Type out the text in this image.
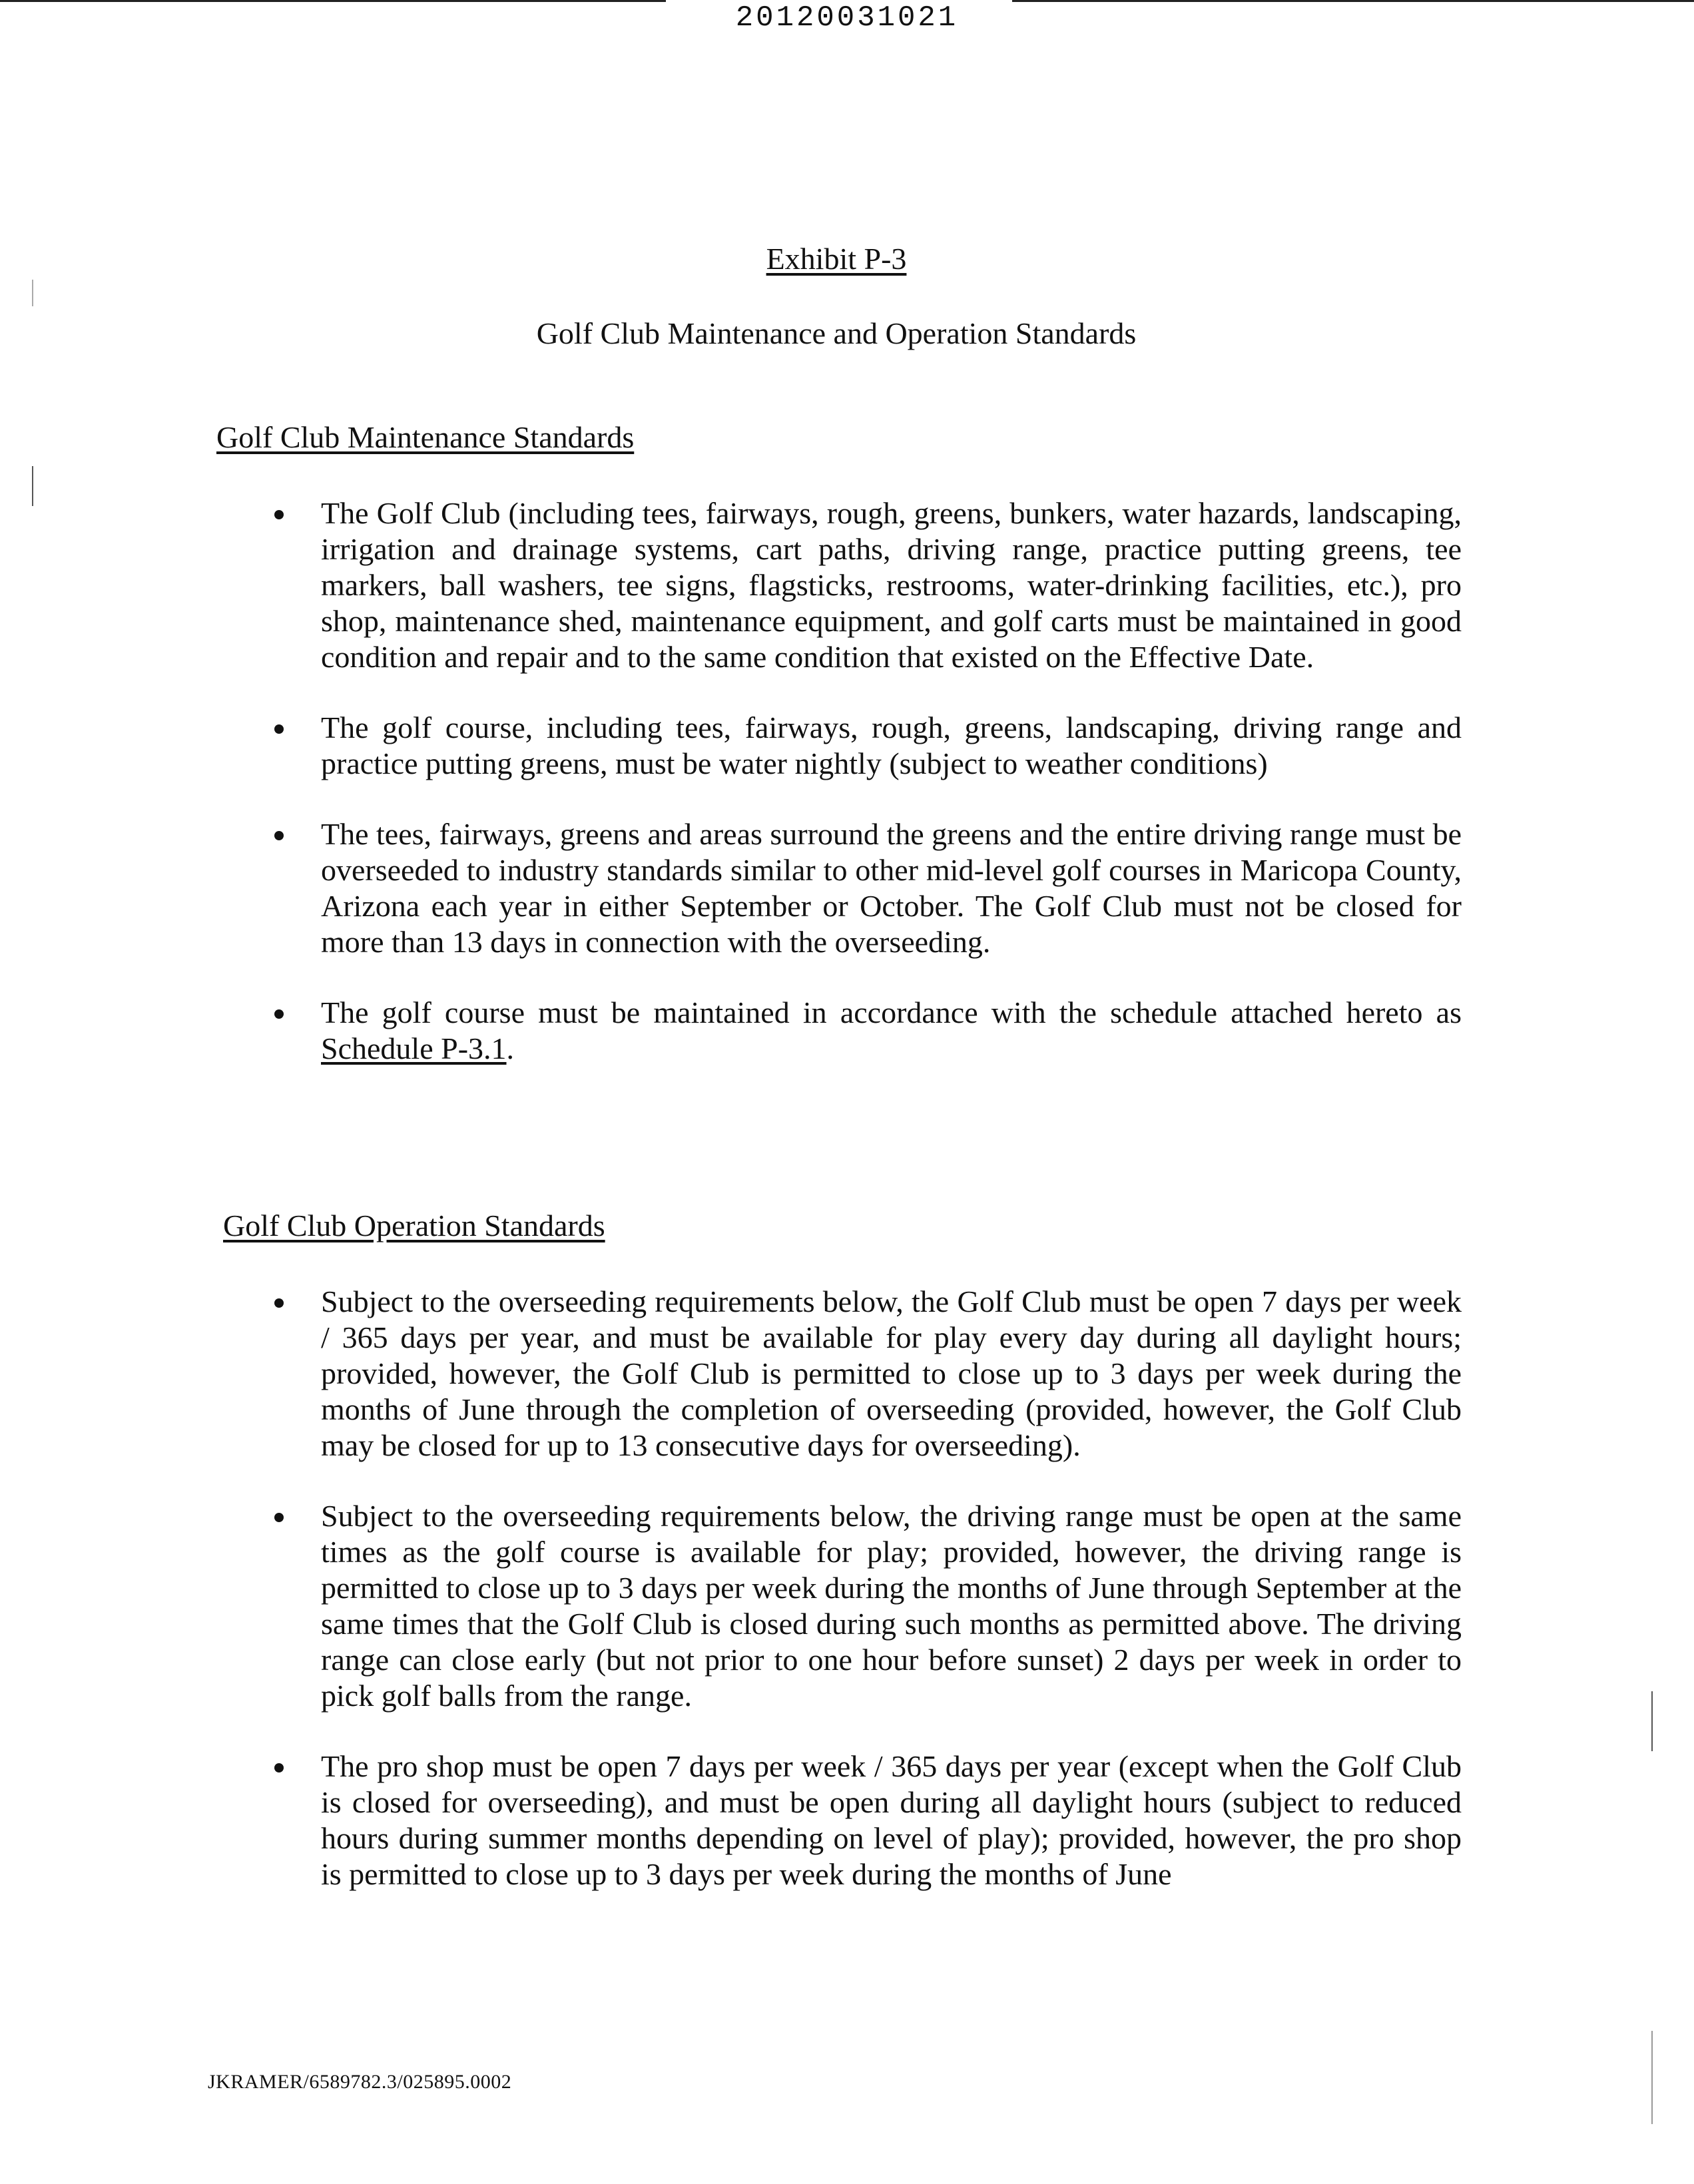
20120031021
Exhibit P-3
Golf Club Maintenance and Operation Standards
Golf Club Maintenance Standards
The Golf Club (including tees, fairways, rough, greens, bunkers, water hazards, landscaping, irrigation and drainage systems, cart paths, driving range, practice putting greens, tee markers, ball washers, tee signs, flagsticks, restrooms, water-drinking facilities, etc.), pro shop, maintenance shed, maintenance equipment, and golf carts must be maintained in good condition and repair and to the same condition that existed on the Effective Date.
The golf course, including tees, fairways, rough, greens, landscaping, driving range and practice putting greens, must be water nightly (subject to weather conditions)
The tees, fairways, greens and areas surround the greens and the entire driving range must be overseeded to industry standards similar to other mid-level golf courses in Maricopa County, Arizona each year in either September or October. The Golf Club must not be closed for more than 13 days in connection with the overseeding.
The golf course must be maintained in accordance with the schedule attached hereto as Schedule P-3.1.
Golf Club Operation Standards
Subject to the overseeding requirements below, the Golf Club must be open 7 days per week / 365 days per year, and must be available for play every day during all daylight hours; provided, however, the Golf Club is permitted to close up to 3 days per week during the months of June through the completion of overseeding (provided, however, the Golf Club may be closed for up to 13 consecutive days for overseeding).
Subject to the overseeding requirements below, the driving range must be open at the same times as the golf course is available for play; provided, however, the driving range is permitted to close up to 3 days per week during the months of June through September at the same times that the Golf Club is closed during such months as permitted above. The driving range can close early (but not prior to one hour before sunset) 2 days per week in order to pick golf balls from the range.
The pro shop must be open 7 days per week / 365 days per year (except when the Golf Club is closed for overseeding), and must be open during all daylight hours (subject to reduced hours during summer months depending on level of play); provided, however, the pro shop is permitted to close up to 3 days per week during the months of June
JKRAMER/6589782.3/025895.0002
